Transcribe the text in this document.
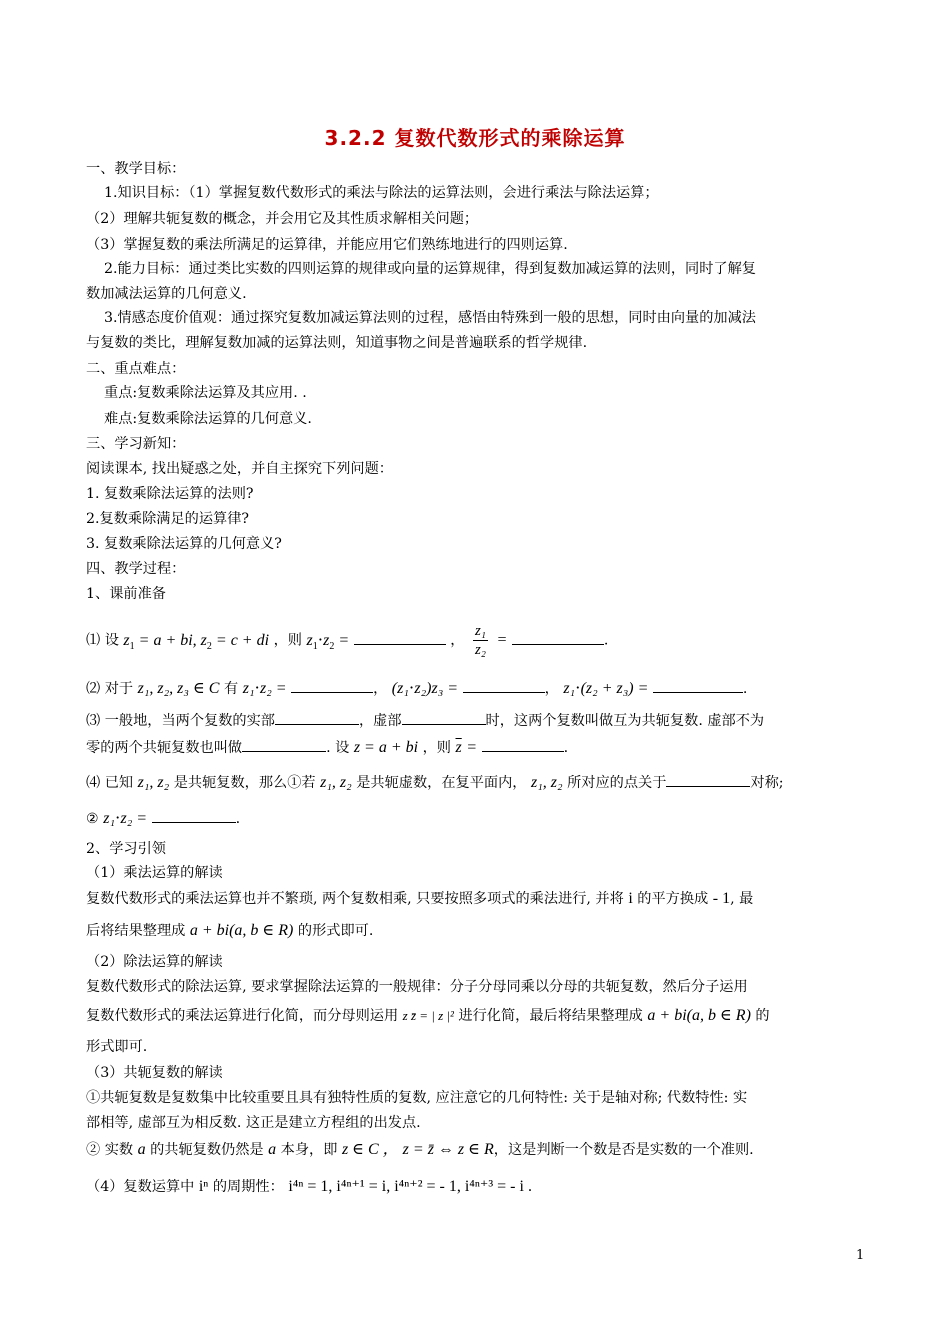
3.2.2 复数代数形式的乘除运算
一、教学目标：
1.知识目标：（1）掌握复数代数形式的乘法与除法的运算法则，会进行乘法与除法运算；
（2）理解共轭复数的概念，并会用它及其性质求解相关问题；
（3）掌握复数的乘法所满足的运算律，并能应用它们熟练地进行的四则运算.
2.能力目标：通过类比实数的四则运算的规律或向量的运算规律，得到复数加减运算的法则，同时了解复
数加减法运算的几何意义.
3.情感态度价值观：通过探究复数加减运算法则的过程，感悟由特殊到一般的思想，同时由向量的加减法
与复数的类比，理解复数加减的运算法则，知道事物之间是普遍联系的哲学规律.
二、重点难点：
重点:复数乘除法运算及其应用. .
难点:复数乘除法运算的几何意义.
三、学习新知：
阅读课本, 找出疑惑之处，并自主探究下列问题：
1. 复数乘除法运算的法则?
2.复数乘除满足的运算律?
3. 复数乘除法运算的几何意义?
四、教学过程：
1、课前准备
⑴ 设 $z_1 = a$ + bi, $z_2 = c$ + di ，则 $z_1\cdot z_2$ =	， $\frac{\text{z₁}}{\text{z₂}}$ =	.
⑵ 对于 z₁, z₂, z₃ ∈ C 有 z₁⋅z₂ =	， (z₁⋅z₂)z₃ =	， z₁⋅(z₂ + z₃) =	.
⑶ 一般地，当两个复数的实部	，虚部	时，这两个复数叫做互为共轭复数. 虚部不为
零的两个共轭复数也叫做	. 设 z = a + bi ，则 $\overline{z}$ =	.
⑷ 已知 z₁, z₂ 是共轭复数，那么①若 z₁, z₂ 是共轭虚数，在复平面内， z₁, z₂ 所对应的点关于	对称;
② z₁⋅z₂ =	.
2、学习引领
（1）乘法运算的解读
复数代数形式的乘法运算也并不繁琐, 两个复数相乘, 只要按照多项式的乘法进行, 并将 i 的平方换成 - 1, 最
后将结果整理成 a + bi(a, b ∈ R) 的形式即可.
（2）除法运算的解读
复数代数形式的除法运算, 要求掌握除法运算的一般规律：分子分母同乘以分母的共轭复数，然后分子运用
复数代数形式的乘法运算进行化简，而分母则运用 z z̄ = | z |² 进行化简，最后将结果整理成 a + bi(a, b ∈ R) 的
形式即可.
（3）共轭复数的解读
①共轭复数是复数集中比较重要且具有独特性质的复数, 应注意它的几何特性: 关于是轴对称; 代数特性: 实
部相等, 虚部互为相反数. 这正是建立方程组的出发点.
② 实数 a 的共轭复数仍然是 a 本身，即 z ∈ C ， z = z̄ ⇔ z ∈ R，这是判断一个数是否是实数的一个准则.
（4）复数运算中 iⁿ 的周期性： i⁴ⁿ = 1, i⁴ⁿ⁺¹ = i, i⁴ⁿ⁺² = - 1, i⁴ⁿ⁺³ = - i .
1
